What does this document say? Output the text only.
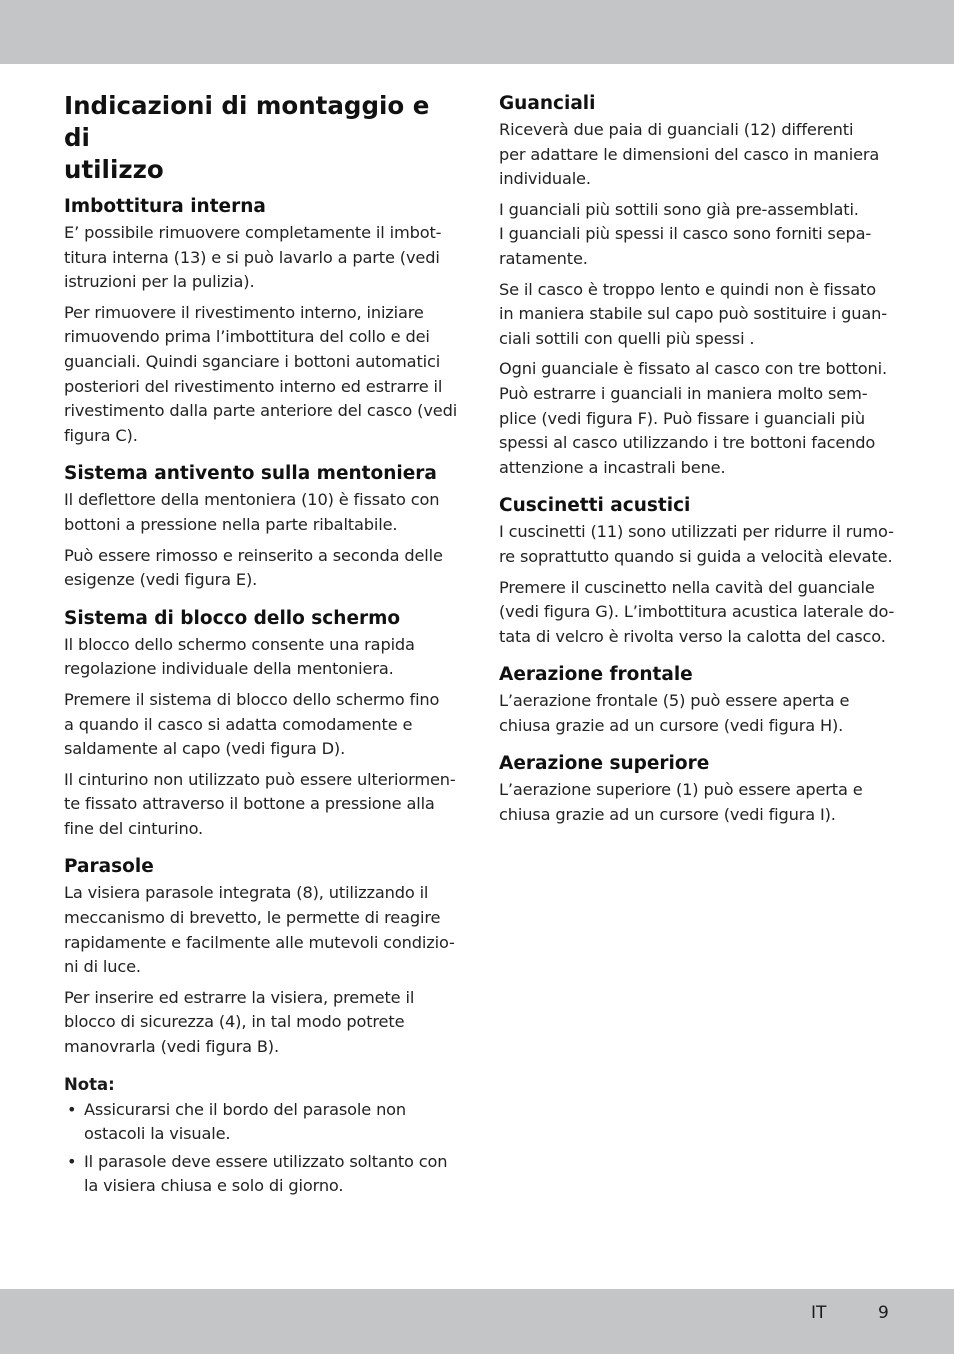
Indicazioni di montaggio e di
utilizzo
Imbottitura interna

E’ possibile rimuovere completamente il imbot-
titura interna (13) e si può lavarlo a parte (vedi
istruzioni per la pulizia).

Per rimuovere il rivestimento interno, iniziare
rimuovendo prima l’imbottitura del collo e dei
guanciali. Quindi sganciare i bottoni automatici
posteriori del rivestimento interno ed estrarre il
rivestimento dalla parte anteriore del casco (vedi
figura C).

Sistema antivento sulla mentoniera

Il deflettore della mentoniera (10) è fissato con
bottoni a pressione nella parte ribaltabile.

Può essere rimosso e reinserito a seconda delle
esigenze (vedi figura E).

Sistema di blocco dello schermo

Il blocco dello schermo consente una rapida
regolazione individuale della mentoniera.

Premere il sistema di blocco dello schermo fino
a quando il casco si adatta comodamente e
saldamente al capo (vedi figura D).

Il cinturino non utilizzato può essere ulteriormen-
te fissato attraverso il bottone a pressione alla
fine del cinturino.

Parasole

La visiera parasole integrata (8), utilizzando il
meccanismo di brevetto, le permette di reagire
rapidamente e facilmente alle mutevoli condizio-
ni di luce.

Per inserire ed estrarre la visiera, premete il
blocco di sicurezza (4), in tal modo potrete
manovrarla (vedi figura B).

Nota:
• Assicurarsi che il bordo del parasole non
ostacoli la visuale.
• Il parasole deve essere utilizzato soltanto con
la visiera chiusa e solo di giorno.
Guanciali

Riceverà due paia di guanciali (12) differenti
per adattare le dimensioni del casco in maniera
individuale.

I guanciali più sottili sono già pre-assemblati.
I guanciali più spessi il casco sono forniti sepa-
ratamente.

Se il casco è troppo lento e quindi non è fissato
in maniera stabile sul capo può sostituire i guan-
ciali sottili con quelli più spessi .

Ogni guanciale è fissato al casco con tre bottoni.
Può estrarre i guanciali in maniera molto sem-
plice (vedi figura F). Può fissare i guanciali più
spessi al casco utilizzando i tre bottoni facendo
attenzione a incastrali bene.

Cuscinetti acustici

I cuscinetti (11) sono utilizzati per ridurre il rumo-
re soprattutto quando si guida a velocità elevate.

Premere il cuscinetto nella cavità del guanciale
(vedi figura G). L’imbottitura acustica laterale do-
tata di velcro è rivolta verso la calotta del casco.

Aerazione frontale

L’aerazione frontale (5) può essere aperta e
chiusa grazie ad un cursore (vedi figura H).

Aerazione superiore

L’aerazione superiore (1) può essere aperta e
chiusa grazie ad un cursore (vedi figura I).

IT	9
